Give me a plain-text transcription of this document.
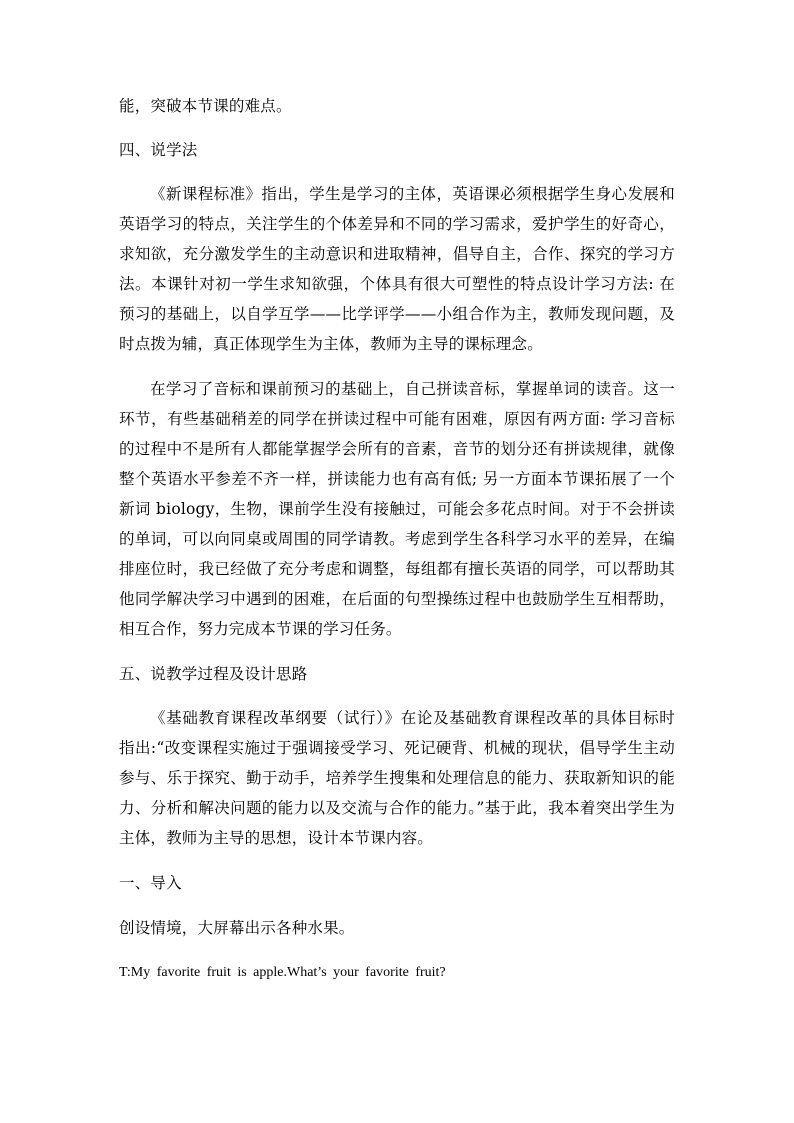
能，突破本节课的难点。

四、说学法

《新课程标准》指出，学生是学习的主体，英语课必须根据学生身心发展和英语学习的特点，关注学生的个体差异和不同的学习需求，爱护学生的好奇心，求知欲，充分激发学生的主动意识和进取精神，倡导自主，合作、探究的学习方法。本课针对初一学生求知欲强，个体具有很大可塑性的特点设计学习方法: 在预习的基础上，以自学互学——比学评学——小组合作为主，教师发现问题，及时点拨为辅，真正体现学生为主体，教师为主导的课标理念。

在学习了音标和课前预习的基础上，自己拼读音标，掌握单词的读音。这一环节，有些基础稍差的同学在拼读过程中可能有困难，原因有两方面: 学习音标的过程中不是所有人都能掌握学会所有的音素，音节的划分还有拼读规律，就像整个英语水平参差不齐一样，拼读能力也有高有低; 另一方面本节课拓展了一个新词 biology，生物，课前学生没有接触过，可能会多花点时间。对于不会拼读的单词，可以向同桌或周围的同学请教。考虑到学生各科学习水平的差异，在编排座位时，我已经做了充分考虑和调整，每组都有擅长英语的同学，可以帮助其他同学解决学习中遇到的困难，在后面的句型操练过程中也鼓励学生互相帮助，相互合作，努力完成本节课的学习任务。

五、说教学过程及设计思路

《基础教育课程改革纲要（试行）》在论及基础教育课程改革的具体目标时指出:“改变课程实施过于强调接受学习、死记硬背、机械的现状，倡导学生主动参与、乐于探究、勤于动手，培养学生搜集和处理信息的能力、获取新知识的能力、分析和解决问题的能力以及交流与合作的能力。”基于此，我本着突出学生为主体，教师为主导的思想，设计本节课内容。

一、导入

创设情境，大屏幕出示各种水果。

T:My favorite fruit is apple.What’s your favorite fruit?
